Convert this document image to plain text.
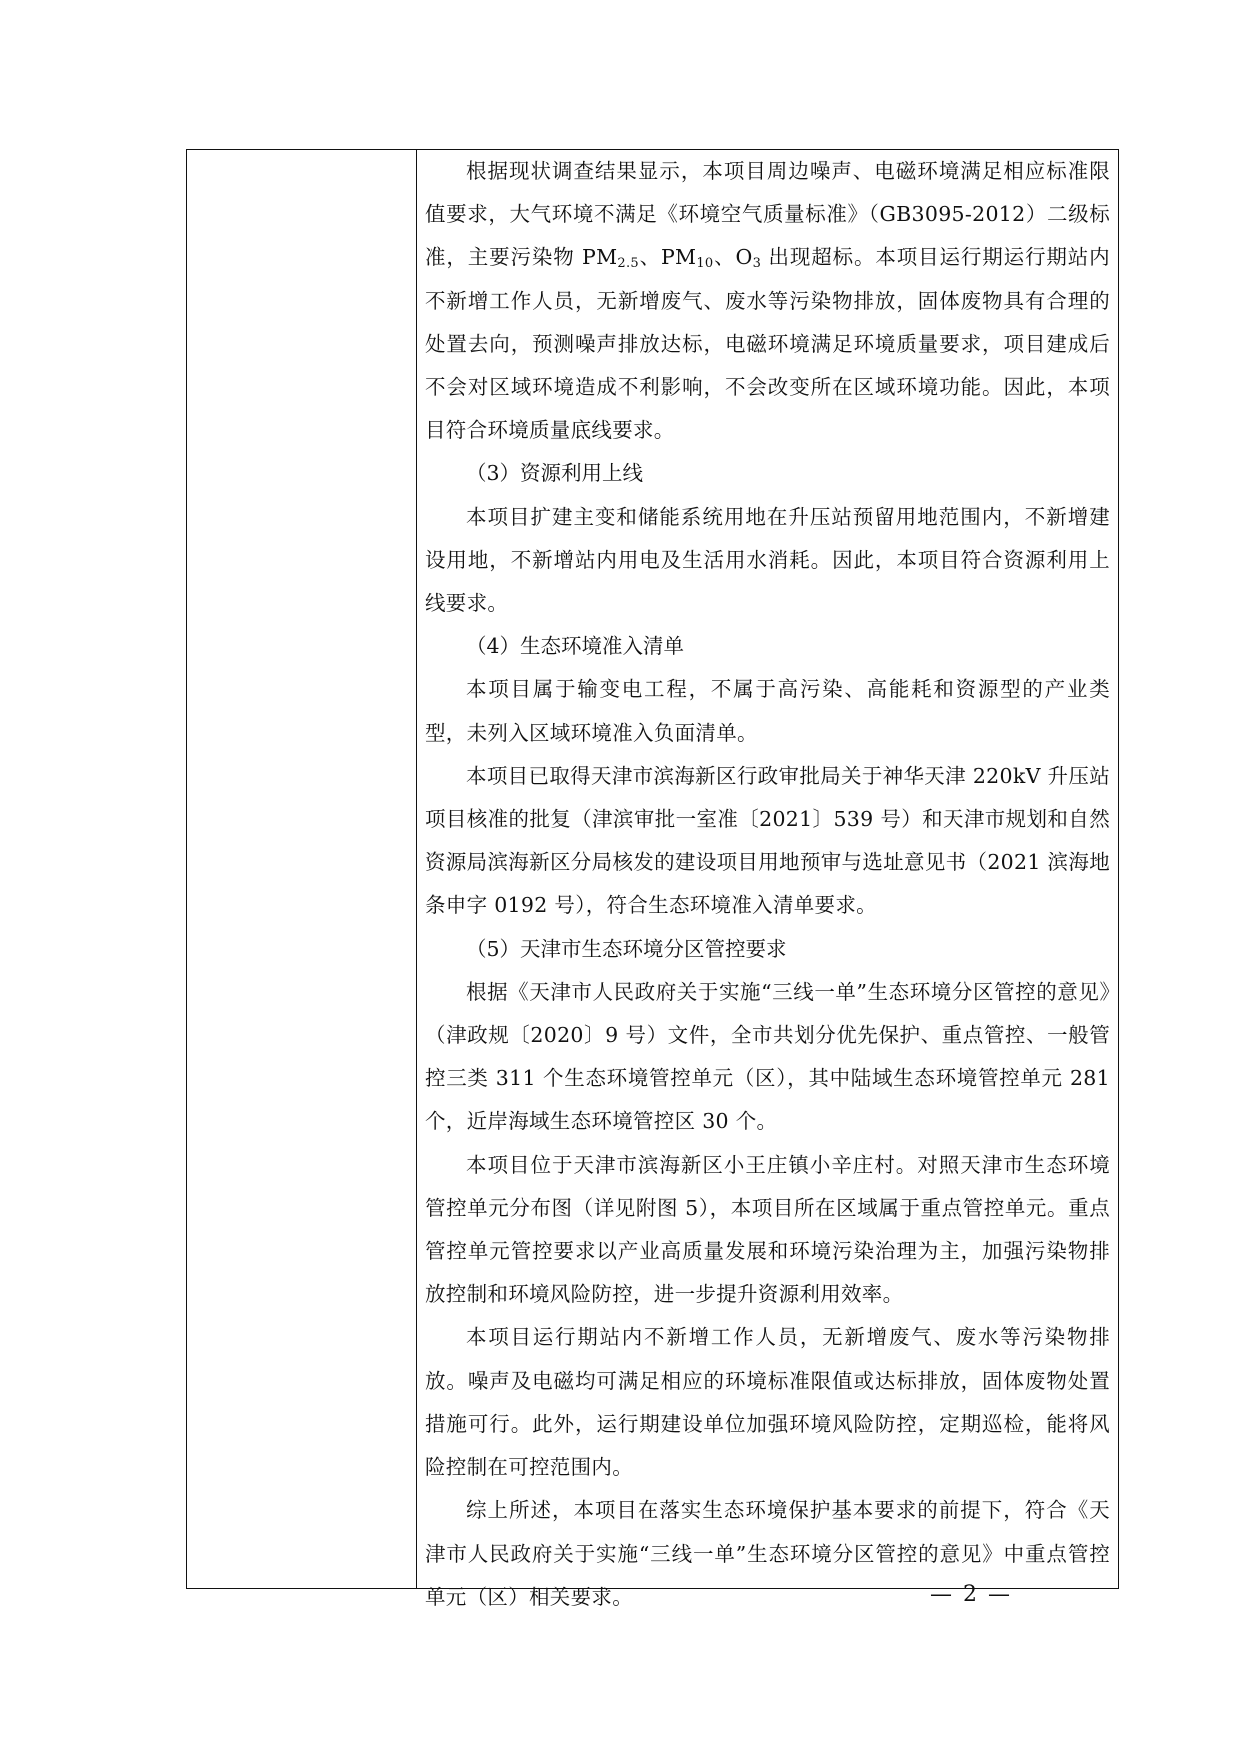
根据现状调查结果显示，本项目周边噪声、电磁环境满足相应标准限值要求，大气环境不满足《环境空气质量标准》（GB3095-2012）二级标准，主要污染物 $PM_{2.5}$、$PM_{10}$、$O_3$ 出现超标。本项目运行期运行期站内不新增工作人员，无新增废气、废水等污染物排放，固体废物具有合理的处置去向，预测噪声排放达标，电磁环境满足环境质量要求，项目建成后不会对区域环境造成不利影响，不会改变所在区域环境功能。因此，本项目符合环境质量底线要求。

（3）资源利用上线

本项目扩建主变和储能系统用地在升压站预留用地范围内，不新增建设用地，不新增站内用电及生活用水消耗。因此，本项目符合资源利用上线要求。

（4）生态环境准入清单

本项目属于输变电工程，不属于高污染、高能耗和资源型的产业类型，未列入区域环境准入负面清单。

本项目已取得天津市滨海新区行政审批局关于神华天津 220kV 升压站项目核准的批复（津滨审批一室准〔2021〕539 号）和天津市规划和自然资源局滨海新区分局核发的建设项目用地预审与选址意见书（2021 滨海地条申字 0192 号），符合生态环境准入清单要求。

（5）天津市生态环境分区管控要求

根据《天津市人民政府关于实施“三线一单”生态环境分区管控的意见》（津政规〔2020〕9 号）文件，全市共划分优先保护、重点管控、一般管控三类 311 个生态环境管控单元（区），其中陆域生态环境管控单元 281 个，近岸海域生态环境管控区 30 个。

本项目位于天津市滨海新区小王庄镇小辛庄村。对照天津市生态环境管控单元分布图（详见附图 5），本项目所在区域属于重点管控单元。重点管控单元管控要求以产业高质量发展和环境污染治理为主，加强污染物排放控制和环境风险防控，进一步提升资源利用效率。

本项目运行期站内不新增工作人员，无新增废气、废水等污染物排放。噪声及电磁均可满足相应的环境标准限值或达标排放，固体废物处置措施可行。此外，运行期建设单位加强环境风险防控，定期巡检，能将风险控制在可控范围内。

综上所述，本项目在落实生态环境保护基本要求的前提下，符合《天津市人民政府关于实施“三线一单”生态环境分区管控的意见》中重点管控单元（区）相关要求。	— 2 —
